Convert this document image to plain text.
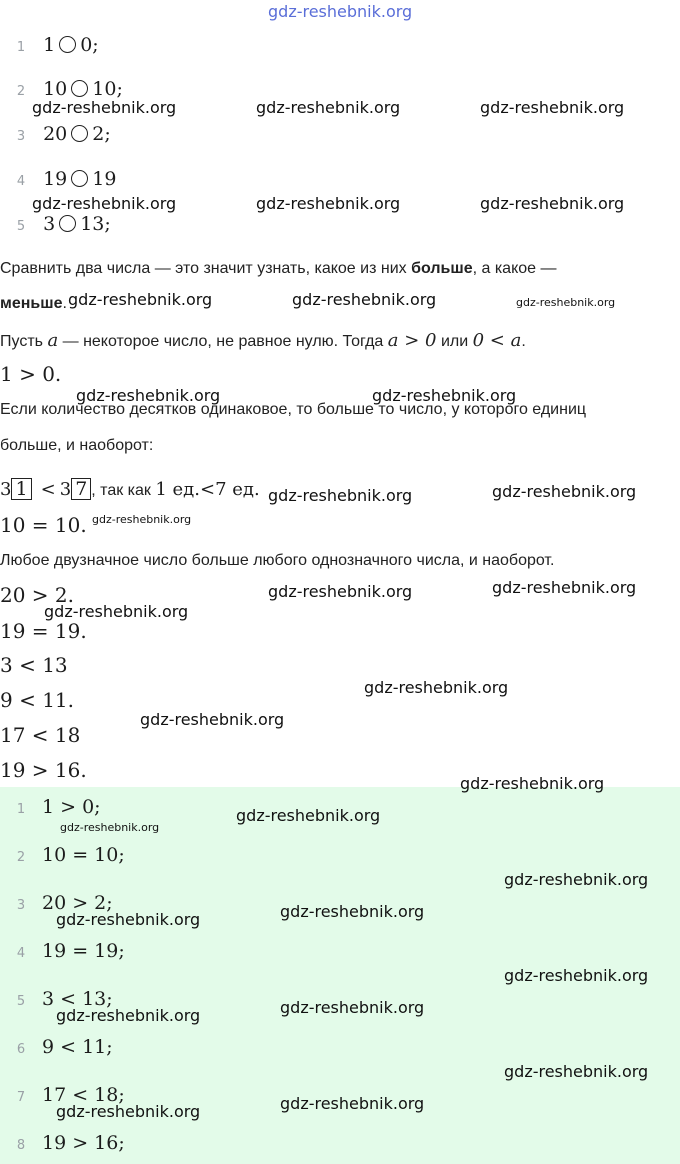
gdz-reshebnik.org
1 1 0;
2 10 10;
3 20 2;
4 19 19
5 3 13;
Сравнить два числа — это значит узнать, какое из них больше, а какое —
меньше.
Пусть a — некоторое число, не равное нулю. Тогда a > 0 или 0 < a.
1 > 0.
Если количество десятков одинаковое, то больше то число, у которого единиц
больше, и наоборот:
3 1 < 3 7 , так как 1 ед.<7 ед.
10 = 10.
Любое двузначное число больше любого однозначного числа, и наоборот.
20 > 2.
19 = 19.
3 < 13
9 < 11.
17 < 18
19 > 16.
1 1 > 0;
2 10 = 10;
3 20 > 2;
4 19 = 19;
5 3 < 13;
6 9 < 11;
7 17 < 18;
8 19 > 16;
gdz-reshebnik.org	gdz-reshebnik.org	gdz-reshebnik.org
gdz-reshebnik.org	gdz-reshebnik.org	gdz-reshebnik.org
gdz-reshebnik.org	gdz-reshebnik.org	gdz-reshebnik.org
gdz-reshebnik.org	gdz-reshebnik.org
gdz-reshebnik.org	gdz-reshebnik.org
gdz-reshebnik.org
gdz-reshebnik.org	gdz-reshebnik.org
gdz-reshebnik.org
gdz-reshebnik.org
gdz-reshebnik.org
gdz-reshebnik.org
gdz-reshebnik.org
gdz-reshebnik.org
gdz-reshebnik.org
gdz-reshebnik.org
gdz-reshebnik.org
gdz-reshebnik.org
gdz-reshebnik.org
gdz-reshebnik.org
gdz-reshebnik.org
gdz-reshebnik.org
gdz-reshebnik.org
